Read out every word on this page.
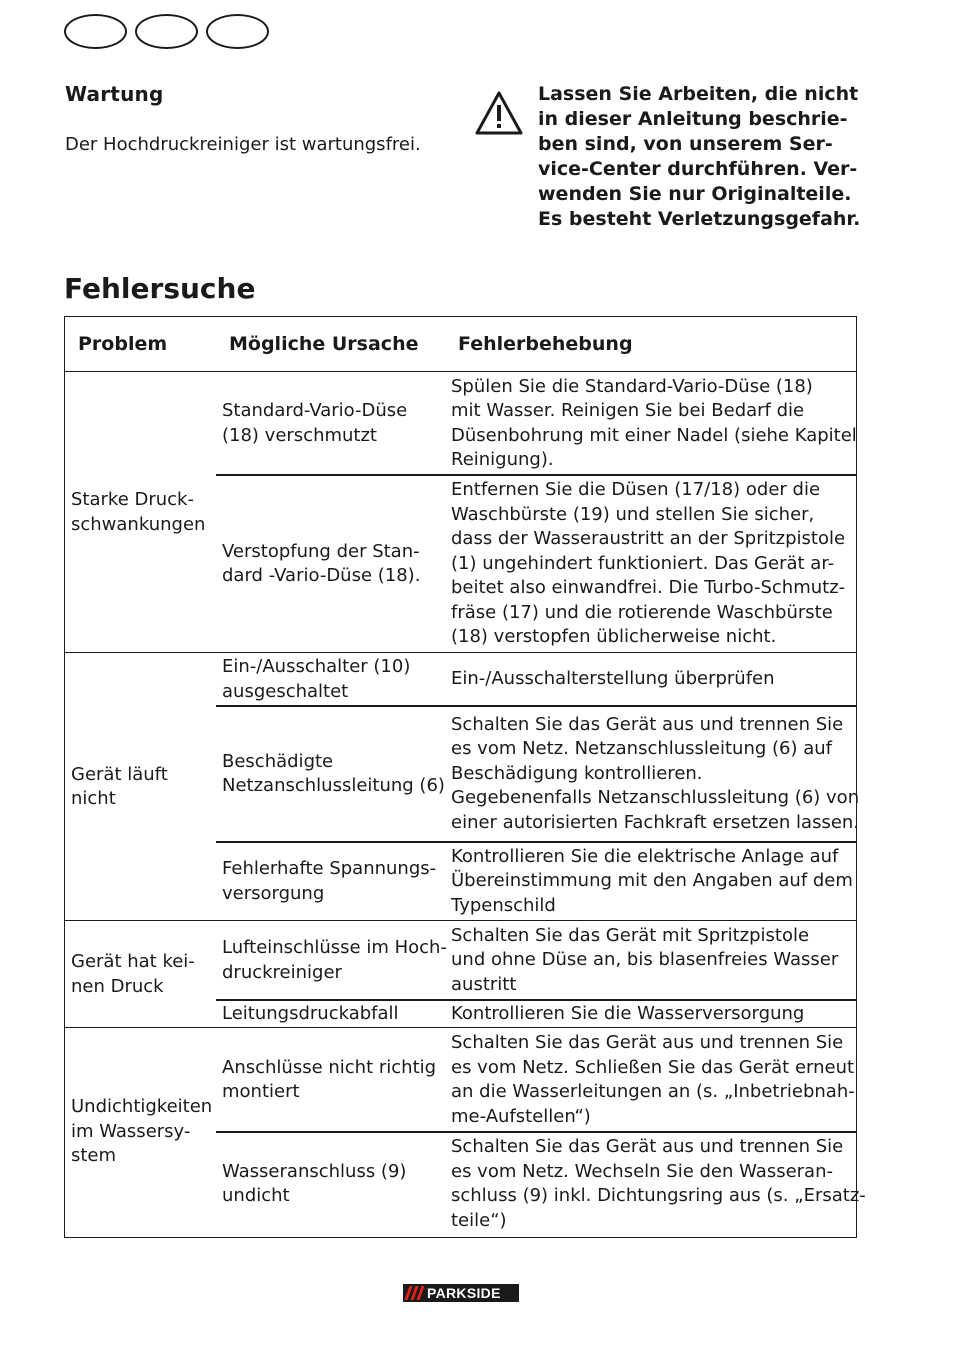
Wartung

Der Hochdruckreiniger ist wartungsfrei.

Lassen Sie Arbeiten, die nicht
in dieser Anleitung beschrie-
ben sind, von unserem Ser-
vice-Center durchführen. Ver-
wenden Sie nur Originalteile.
Es besteht Verletzungsgefahr.
Fehlersuche
Problem	Mögliche Ursache Fehlerbehebung
Starke Druck-
schwankungen
Standard-Vario-Düse
(18) verschmutzt
Spülen Sie die Standard-Vario-Düse (18)
mit Wasser. Reinigen Sie bei Bedarf die
Düsenbohrung mit einer Nadel (siehe Kapitel
Reinigung).
Verstopfung der Stan-
dard -Vario-Düse (18).
Entfernen Sie die Düsen (17/18) oder die
Waschbürste (19) und stellen Sie sicher,
dass der Wasseraustritt an der Spritzpistole
(1) ungehindert funktioniert. Das Gerät ar-
beitet also einwandfrei. Die Turbo-Schmutz-
fräse (17) und die rotierende Waschbürste
(18) verstopfen üblicherweise nicht.
Gerät läuft
nicht
Ein-/Ausschalter (10)
ausgeschaltet
Ein-/Ausschalterstellung überprüfen
Beschädigte
Netzanschlussleitung (6)
Schalten Sie das Gerät aus und trennen Sie
es vom Netz. Netzanschlussleitung (6) auf
Beschädigung kontrollieren.
Gegebenenfalls Netzanschlussleitung (6) von
einer autorisierten Fachkraft ersetzen lassen.
Fehlerhafte Spannungs-
versorgung
Kontrollieren Sie die elektrische Anlage auf
Übereinstimmung mit den Angaben auf dem
Typenschild
Gerät hat kei-
nen Druck
Lufteinschlüsse im Hoch-
druckreiniger
Schalten Sie das Gerät mit Spritzpistole
und ohne Düse an, bis blasenfreies Wasser
austritt
Leitungsdruckabfall	Kontrollieren Sie die Wasserversorgung
Undichtigkeiten
im Wassersy-
stem
Anschlüsse nicht richtig
montiert
Schalten Sie das Gerät aus und trennen Sie
es vom Netz. Schließen Sie das Gerät erneut
an die Wasserleitungen an (s. „Inbetriebnah-
me-Aufstellen“)
Wasseranschluss (9)
undicht
Schalten Sie das Gerät aus und trennen Sie
es vom Netz. Wechseln Sie den Wasseran-
schluss (9) inkl. Dichtungsring aus (s. „Ersatz-
teile“)
PARKSIDE
